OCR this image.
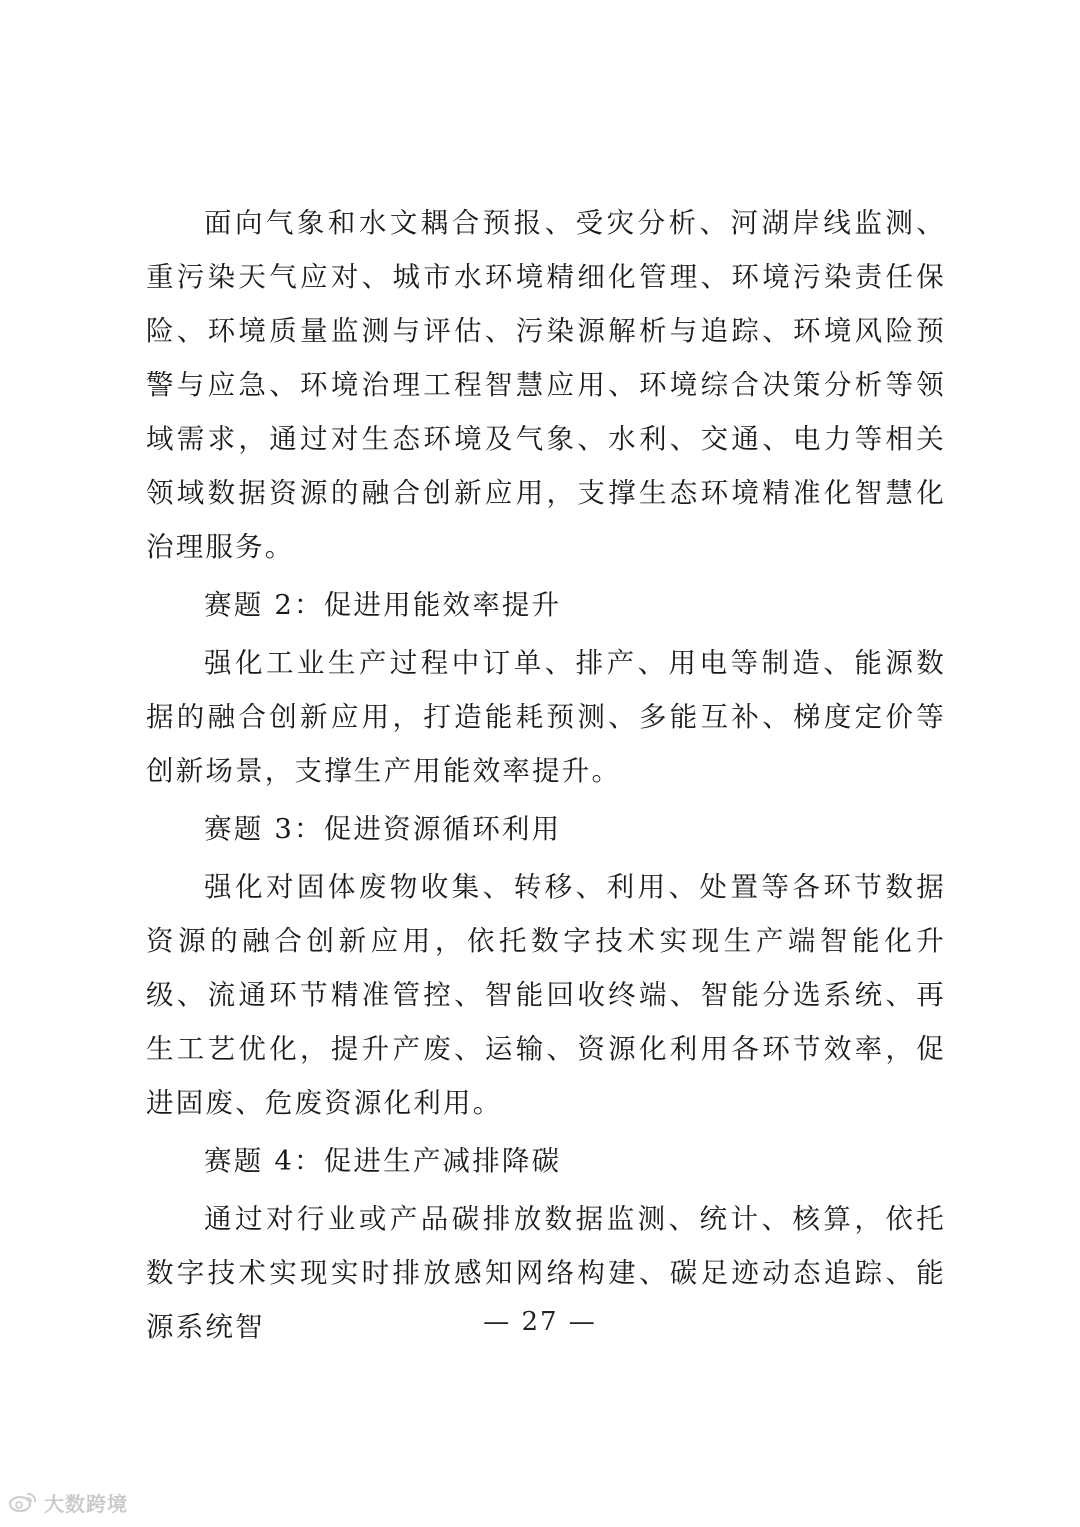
面向气象和水文耦合预报、受灾分析、河湖岸线监测、重污染天气应对、城市水环境精细化管理、环境污染责任保险、环境质量监测与评估、污染源解析与追踪、环境风险预警与应急、环境治理工程智慧应用、环境综合决策分析等领域需求，通过对生态环境及气象、水利、交通、电力等相关领域数据资源的融合创新应用，支撑生态环境精准化智慧化治理服务。

赛题 2：促进用能效率提升

强化工业生产过程中订单、排产、用电等制造、能源数据的融合创新应用，打造能耗预测、多能互补、梯度定价等创新场景，支撑生产用能效率提升。

赛题 3：促进资源循环利用

强化对固体废物收集、转移、利用、处置等各环节数据资源的融合创新应用，依托数字技术实现生产端智能化升级、流通环节精准管控、智能回收终端、智能分选系统、再生工艺优化，提升产废、运输、资源化利用各环节效率，促进固废、危废资源化利用。

赛题 4：促进生产减排降碳

通过对行业或产品碳排放数据监测、统计、核算，依托数字技术实现实时排放感知网络构建、碳足迹动态追踪、能源系统智	— 27 —
大数跨境
